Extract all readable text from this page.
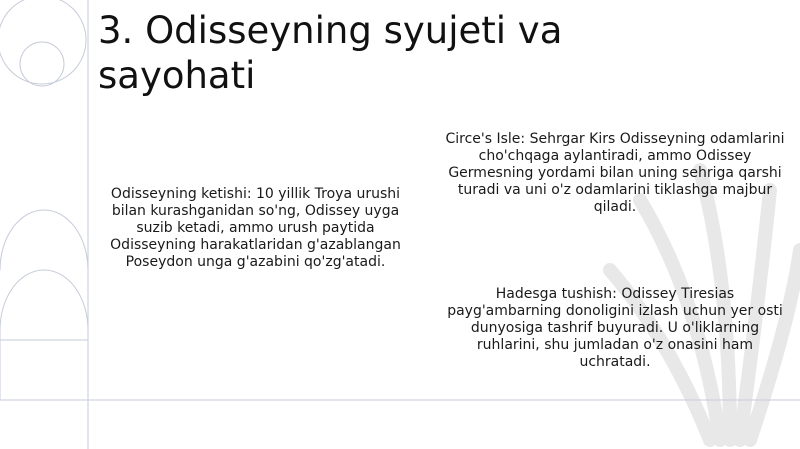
3. Odisseyning syujeti va sayohati
Odisseyning ketishi: 10 yillik Troya urushi bilan kurashganidan so'ng, Odissey uyga suzib ketadi, ammo urush paytida Odisseyning harakatlaridan g'azablangan Poseydon unga g'azabini qo'zg'atadi.
Circe's Isle: Sehrgar Kirs Odisseyning odamlarini cho'chqaga aylantiradi, ammo Odissey Germesning yordami bilan uning sehriga qarshi turadi va uni o'z odamlarini tiklashga majbur qiladi.
Hadesga tushish: Odissey Tiresias payg'ambarning donoligini izlash uchun yer osti dunyosiga tashrif buyuradi. U o'liklarning ruhlarini, shu jumladan o'z onasini ham uchratadi.
